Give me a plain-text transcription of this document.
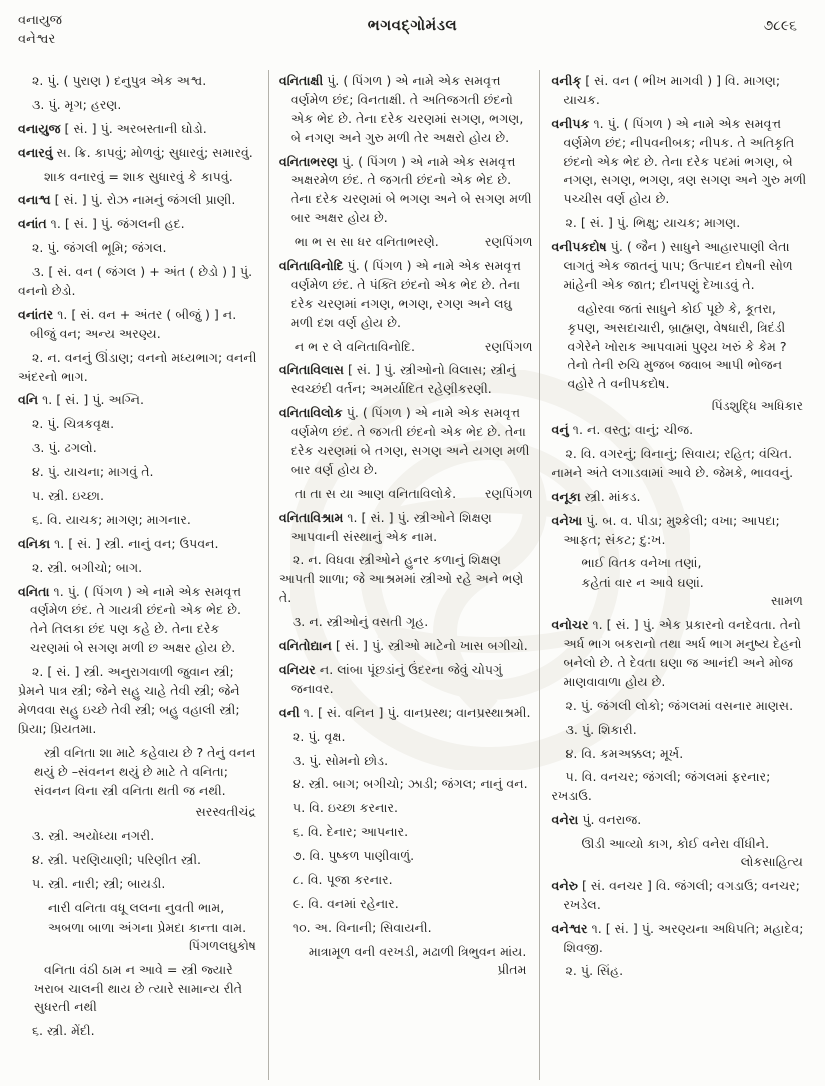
વનાયુજ
વનેશ્વર
ભગવદ્ગોમંડલ	૭૮૯૬
૨. પું. ( પુરાણ ) દનુપુત્ર એક અશ્વ.
૩. પું. મૃગ; હરણ.
વનાયુજ [ સં. ] પું. અરબસ્તાની ઘોડો.
વનારવું સ. ક્રિ. કાપવું; મોળવું; સુધારવું; સમારવું.
શાક વનારવું = શાક સુધારવું કે કાપવું.
વનાશ્વ [ સં. ] પું. રોઝ નામનું જંગલી પ્રાણી.
વનાંત ૧. [ સં. ] પું. જંગલની હદ.
૨. પું. જંગલી ભૂમિ; જંગલ.
૩. [ સં. વન ( જંગલ ) + અંત ( છેડો ) ] પું. વનનો છેડો.
વનાંતર ૧. [ સં. વન + અંતર ( બીજું ) ] ન. બીજું વન; અન્ય અરણ્ય.
૨. ન. વનનું ઊંડાણ; વનનો મધ્યભાગ; વનની અંદરનો ભાગ.
વનિ ૧. [ સં. ] પું. અગ્નિ.
૨. પું. ચિત્રકવૃક્ષ.
૩. પું. ઢગલો.
૪. પું. યાચના; માગવું તે.
૫. સ્ત્રી. ઇચ્છા.
૬. વિ. યાચક; માગણ; માગનાર.
વનિકા ૧. [ સં. ] સ્ત્રી. નાનું વન; ઉપવન.
૨. સ્ત્રી. બગીચો; બાગ.
વનિતા ૧. પું. ( પિંગળ ) એ નામે એક સમવૃત્ત વર્ણમેળ છંદ. તે ગાયત્રી છંદનો એક ભેદ છે. તેને તિલકા છંદ પણ કહે છે. તેના દરેક ચરણમાં બે સગણ મળી છ અક્ષર હોય છે.
૨. [ સં. ] સ્ત્રી. અનુરાગવાળી જુવાન સ્ત્રી; પ્રેમને પાત્ર સ્ત્રી; જેને સહુ ચાહે તેવી સ્ત્રી; જેને મેળવવા સહુ ઇચ્છે તેવી સ્ત્રી; બહુ વહાલી સ્ત્રી; પ્રિયા; પ્રિયતમા.
સ્ત્રી વનિતા શા માટે કહેવાય છે ? તેનું વનન થયું છે –સંવનન થયું છે માટે તે વનિતા; સંવનન વિના સ્ત્રી વનિતા થતી જ નથી.
સરસ્વતીચંદ્ર
૩. સ્ત્રી. અયોધ્યા નગરી.
૪. સ્ત્રી. પરણિયાણી; પરિણીત સ્ત્રી.
૫. સ્ત્રી. નારી; સ્ત્રી; બાયડી.
નારી વનિતા વધૂ લલના નુવતી ભામ,
અબળા બાળા અંગના પ્રેમદા કાન્તા વામ.
પિંગળલઘુકોષ
વનિતા વંઠી ઠામ ન આવે = સ્ત્રી જ્યારે ખરાબ ચાલની થાય છે ત્યારે સામાન્ય રીતે સુધરતી નથી
૬. સ્ત્રી. મેંદી.
વનિતાક્ષી પું. ( પિંગળ ) એ નામે એક સમવૃત્ત વર્ણમેળ છંદ; વિનતાક્ષી. તે અતિજગતી છંદનો એક ભેદ છે. તેના દરેક ચરણમાં સગણ, ભગણ, બે નગણ અને ગુરુ મળી તેર અક્ષરો હોય છે.
વનિતાભરણ પું. ( પિંગળ ) એ નામે એક સમવૃત્ત અક્ષરમેળ છંદ. તે જગતી છંદનો એક ભેદ છે. તેના દરેક ચરણમાં બે ભગણ અને બે સગણ મળી બાર અક્ષર હોય છે.
ભા ભ સ સા ધર વનિતાભરણે.	રણપિંગળ
વનિતાવિનોદિ પું. ( પિંગળ ) એ નામે એક સમવૃત્ત વર્ણમેળ છંદ. તે પંક્તિ છંદનો એક ભેદ છે. તેના દરેક ચરણમાં નગણ, ભગણ, રગણ અને લઘુ મળી દશ વર્ણ હોય છે.
ન ભ ર લે વનિતાવિનોદિ.	રણપિંગળ
વનિતાવિલાસ [ સં. ] પું. સ્ત્રીઓનો વિલાસ; સ્ત્રીનું સ્વચ્છંદી વર્તન; અમર્યાદિત રહેણીકરણી.
વનિતાવિલોક પું. ( પિંગળ ) એ નામે એક સમવૃત્ત વર્ણમેળ છંદ. તે જગતી છંદનો એક ભેદ છે. તેના દરેક ચરણમાં બે તગણ, સગણ અને યગણ મળી બાર વર્ણ હોય છે.
તા તા સ યા આણ વનિતાવિલોકે.	રણપિંગળ
વનિતાવિશ્રામ ૧. [ સં. ] પું. સ્ત્રીઓને શિક્ષણ આપવાની સંસ્થાનું એક નામ.
૨. ન. વિધવા સ્ત્રીઓને હુનર કળાનું શિક્ષણ આપતી શાળા; જે આશ્રમમાં સ્ત્રીઓ રહે અને ભણે તે.
૩. ન. સ્ત્રીઓનું વસતી ગૃહ.
વનિતોદ્યાન [ સં. ] પું. સ્ત્રીઓ માટેનો ખાસ બગીચો.
વનિયર ન. લાંબા પૂંછડાંનું ઉંદરના જેવું ચોપગું જનાવર.
વની ૧. [ સં. વનિન ] પું. વાનપ્રસ્થ; વાનપ્રસ્થાશ્રમી.
૨. પું. વૃક્ષ.
૩. પું. સોમનો છોડ.
૪. સ્ત્રી. બાગ; બગીચો; ઝાડી; જંગલ; નાનું વન.
૫. વિ. ઇચ્છા કરનાર.
૬. વિ. દેનાર; આપનાર.
૭. વિ. પુષ્કળ પાણીવાળું.
૮. વિ. પૂજા કરનાર.
૯. વિ. વનમાં રહેનાર.
૧૦. અ. વિનાની; સિવાયની.
માત્રામૂળ વની વરખડી, મઢાળી ત્રિભુવન માંય.
પ્રીતમ
વનીક્ [ સં. વન ( ભીખ માગવી ) ] વિ. માગણ; યાચક.
વનીપક ૧. પું. ( પિંગળ ) એ નામે એક સમવૃત્ત વર્ણમેળ છંદ; નીપવનીબક; નીપક. તે અતિકૃતિ છંદનો એક ભેદ છે. તેના દરેક પદમાં ભગણ, બે નગણ, સગણ, ભગણ, ત્રણ સગણ અને ગુરુ મળી પચ્ચીસ વર્ણ હોય છે.
૨. [ સં. ] પું. ભિક્ષુ; યાચક; માગણ.
વનીપકદોષ પું. ( જૈન ) સાધુને આહારપાણી લેતા લાગતું એક જાતનું પાપ; ઉત્પાદન દોષની સોળ માંહેની એક જાત; દીનપણું દેખાડવું તે.
વહોરવા જતાં સાધુને કોઈ પૂછે કે, કૂતરા, કૃપણ, અસદાચારી, બ્રાહ્મણ, વેષધારી, ત્રિદંડી વગેરેને ખોરાક આપવામાં પુણ્ય ખરું કે કેમ ? તેનો તેની રુચિ મુજબ જવાબ આપી ભોજન વહોરે તે વનીપકદોષ.
પિંડશુદ્ધિ અધિકાર
વનું ૧. ન. વસ્તુ; વાનું; ચીજ.
૨. વિ. વગરનું; વિનાનું; સિવાય; રહિત; વંચિત. નામને અંતે લગાડવામાં આવે છે. જેમકે, ભાવવનું.
વનૂકા સ્ત્રી. માંકડ.
વનેખા પું. બ. વ. પીડા; મુશ્કેલી; વખા; આપદા; આફત; સંકટ; દુ:ખ.
ભાઈ વિતક વનેખા તણાં,
કહેતાં વાર ન આવે ઘણાં.
સામળ
વનોચર ૧. [ સં. ] પું. એક પ્રકારનો વનદેવતા. તેનો અર્ધ ભાગ બકરાનો તથા અર્ધ ભાગ મનુષ્ય દેહનો બનેલો છે. તે દેવતા ઘણા જ આનંદી અને મોજ માણવાવાળા હોય છે.
૨. પું. જંગલી લોકો; જંગલમાં વસનાર માણસ.
૩. પું. શિકારી.
૪. વિ. કમઅક્કલ; મૂર્ખ.
૫. વિ. વનચર; જંગલી; જંગલમાં ફરનાર; રખડાઉ.
વનેરા પું. વનરાજ.
ઊડી આવ્યો કાગ, કોઈ વનેરા વીંધીને.
લોકસાહિત્ય
વનેરુ [ સં. વનચર ] વિ. જંગલી; વગડાઉ; વનચર; રખડેલ.
વનેશ્વર ૧. [ સં. ] પું. અરણ્યના અધિપતિ; મહાદેવ; શિવજી.
૨. પું. સિંહ.
